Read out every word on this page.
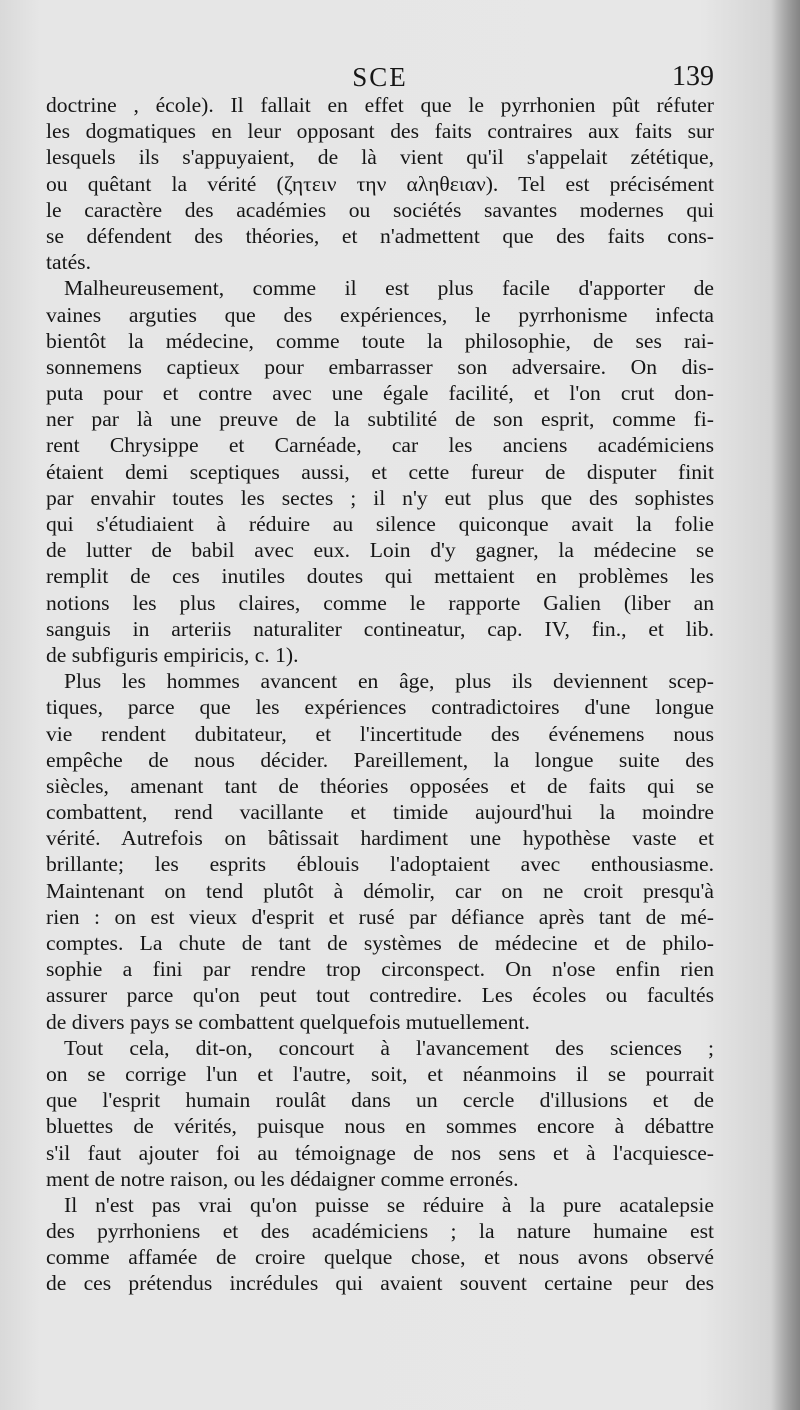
SCE	139
doctrine , école). Il fallait en effet que le pyrrhonien pût réfuter
les dogmatiques en leur opposant des faits contraires aux faits sur
lesquels ils s'appuyaient, de là vient qu'il s'appelait zététique,
ou quêtant la vérité (ζητειν την αληθειαν). Tel est précisément
le caractère des académies ou sociétés savantes modernes qui
se défendent des théories, et n'admettent que des faits cons-
tatés.
Malheureusement, comme il est plus facile d'apporter de
vaines arguties que des expériences, le pyrrhonisme infecta
bientôt la médecine, comme toute la philosophie, de ses rai-
sonnemens captieux pour embarrasser son adversaire. On dis-
puta pour et contre avec une égale facilité, et l'on crut don-
ner par là une preuve de la subtilité de son esprit, comme fi-
rent Chrysippe et Carnéade, car les anciens académiciens
étaient demi sceptiques aussi, et cette fureur de disputer finit
par envahir toutes les sectes ; il n'y eut plus que des sophistes
qui s'étudiaient à réduire au silence quiconque avait la folie
de lutter de babil avec eux. Loin d'y gagner, la médecine se
remplit de ces inutiles doutes qui mettaient en problèmes les
notions les plus claires, comme le rapporte Galien (liber an
sanguis in arteriis naturaliter contineatur, cap. IV, fin., et lib.
de subfiguris empiricis, c. 1).
Plus les hommes avancent en âge, plus ils deviennent scep-
tiques, parce que les expériences contradictoires d'une longue
vie rendent dubitateur, et l'incertitude des événemens nous
empêche de nous décider. Pareillement, la longue suite des
siècles, amenant tant de théories opposées et de faits qui se
combattent, rend vacillante et timide aujourd'hui la moindre
vérité. Autrefois on bâtissait hardiment une hypothèse vaste et
brillante; les esprits éblouis l'adoptaient avec enthousiasme.
Maintenant on tend plutôt à démolir, car on ne croit presqu'à
rien : on est vieux d'esprit et rusé par défiance après tant de mé-
comptes. La chute de tant de systèmes de médecine et de philo-
sophie a fini par rendre trop circonspect. On n'ose enfin rien
assurer parce qu'on peut tout contredire. Les écoles ou facultés
de divers pays se combattent quelquefois mutuellement.
Tout cela, dit-on, concourt à l'avancement des sciences ;
on se corrige l'un et l'autre, soit, et néanmoins il se pourrait
que l'esprit humain roulât dans un cercle d'illusions et de
bluettes de vérités, puisque nous en sommes encore à débattre
s'il faut ajouter foi au témoignage de nos sens et à l'acquiesce-
ment de notre raison, ou les dédaigner comme erronés.
Il n'est pas vrai qu'on puisse se réduire à la pure acatalepsie
des pyrrhoniens et des académiciens ; la nature humaine est
comme affamée de croire quelque chose, et nous avons observé
de ces prétendus incrédules qui avaient souvent certaine peur des
